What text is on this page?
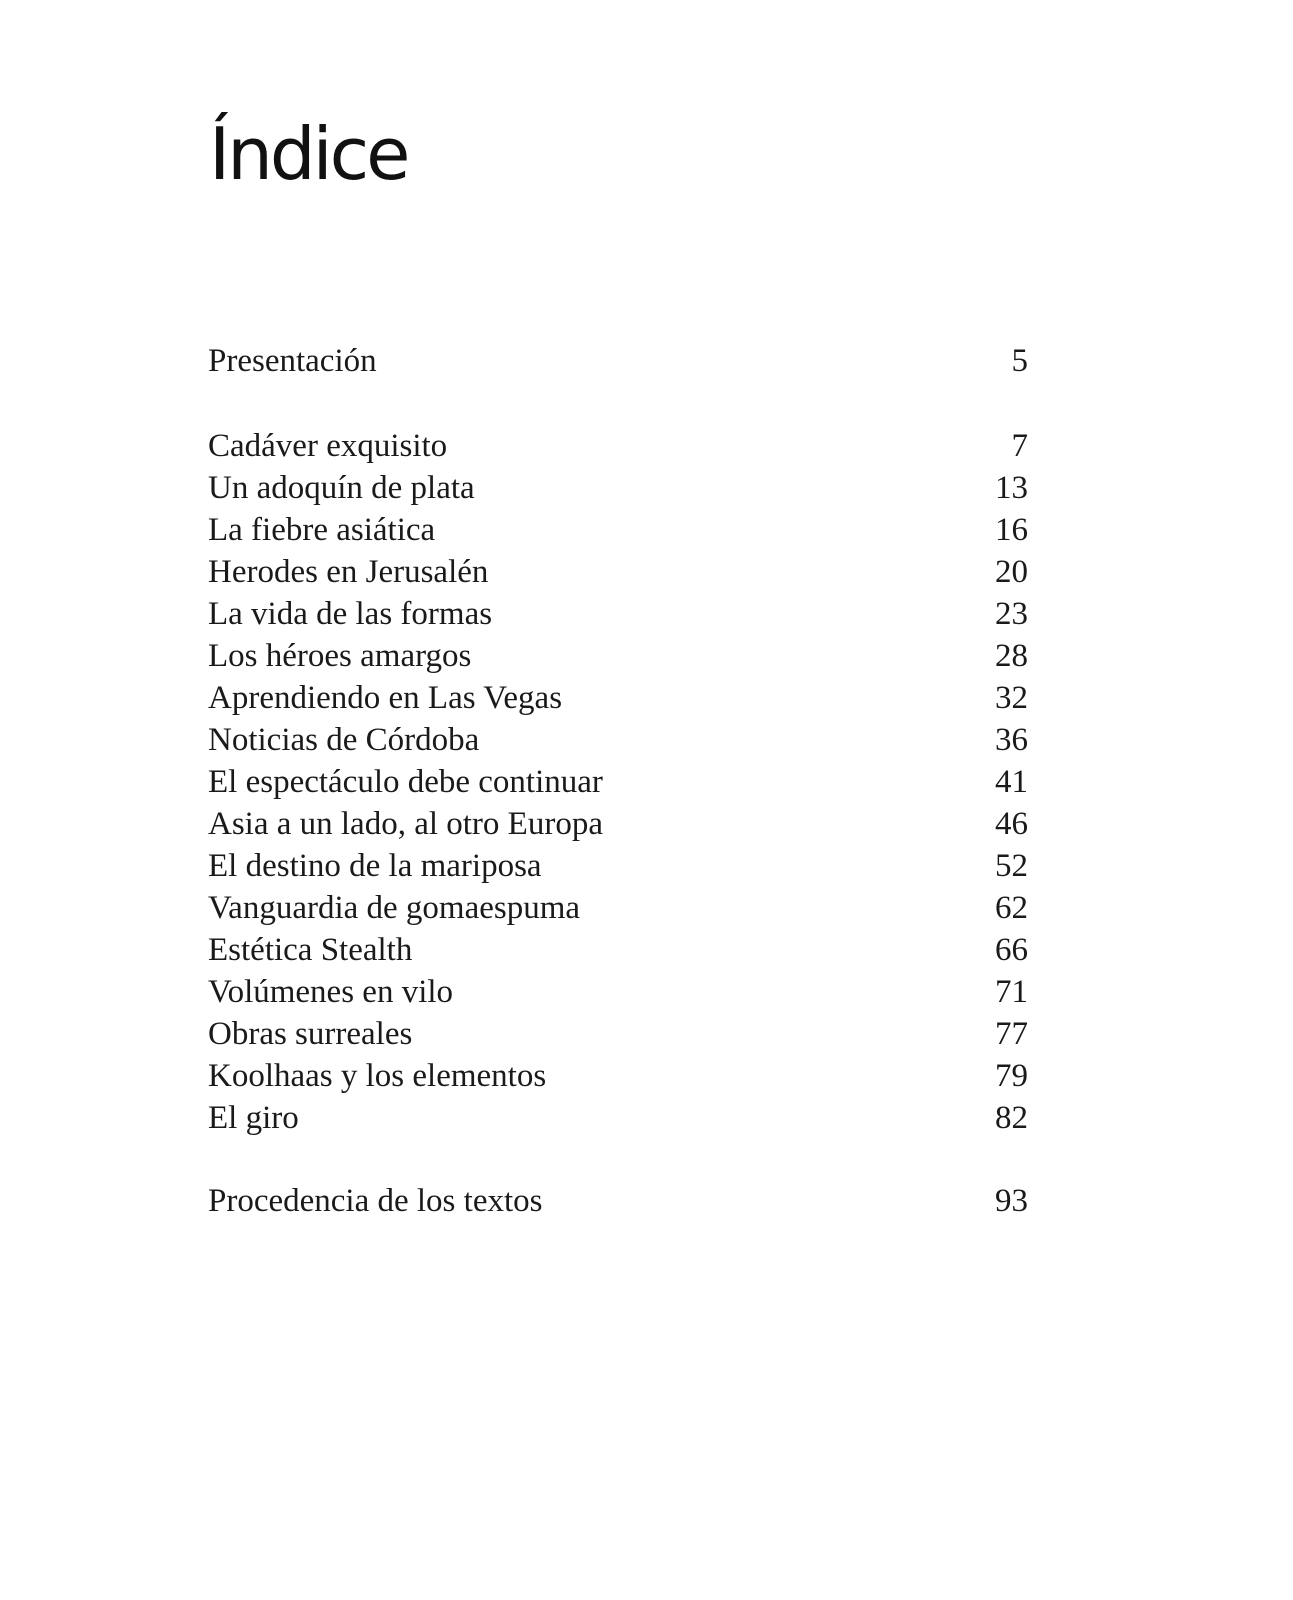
Índice
Presentación	5
Cadáver exquisito	7
Un adoquín de plata	13
La fiebre asiática	16
Herodes en Jerusalén	20
La vida de las formas	23
Los héroes amargos	28
Aprendiendo en Las Vegas	32
Noticias de Córdoba	36
El espectáculo debe continuar	41
Asia a un lado, al otro Europa	46
El destino de la mariposa	52
Vanguardia de gomaespuma	62
Estética Stealth	66
Volúmenes en vilo	71
Obras surreales	77
Koolhaas y los elementos	79
El giro	82
Procedencia de los textos	93
